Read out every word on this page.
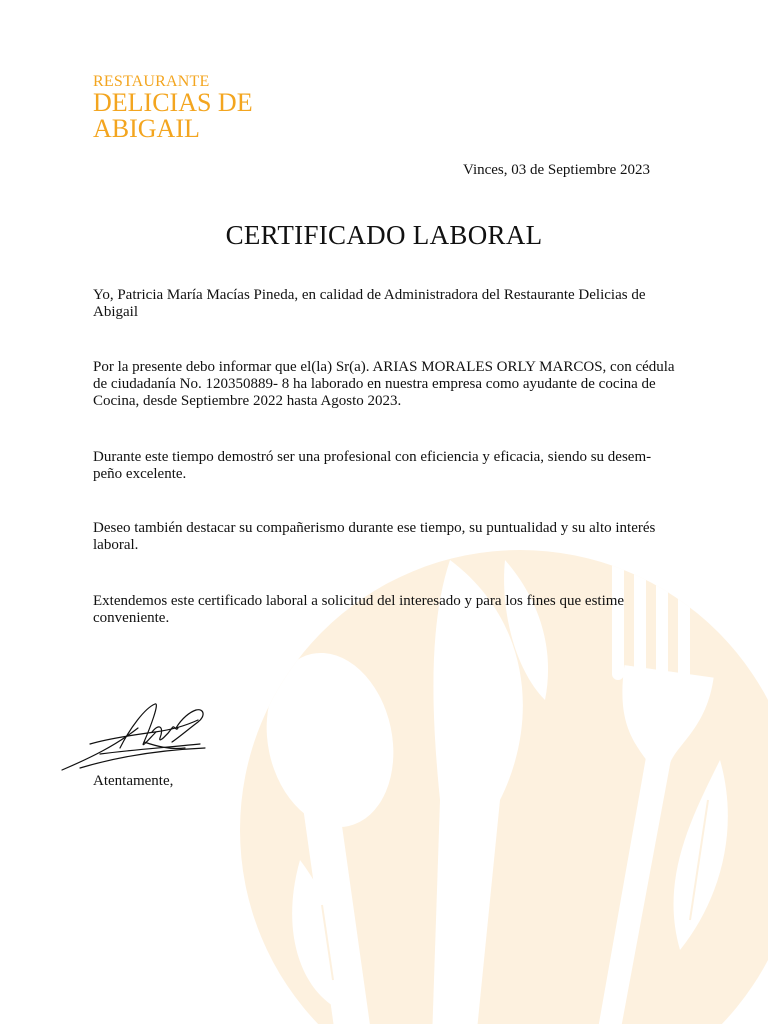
RESTAURANTE
DELICIAS DE
ABIGAIL
Vinces, 03 de Septiembre 2023
CERTIFICADO LABORAL

Yo, Patricia María Macías Pineda, en calidad de Administradora del Restaurante Delicias de Abigail

Por la presente debo informar que el(la) Sr(a). ARIAS MORALES ORLY MARCOS, con cédula de ciudadanía No. 120350889- 8 ha laborado en nuestra empresa como ayudante de cocina de Cocina, desde Septiembre 2022 hasta Agosto 2023.

Durante este tiempo demostró ser una profesional con eficiencia y eficacia, siendo su desem-peño excelente.

Deseo también destacar su compañerismo durante ese tiempo, su puntualidad y su alto interés laboral.

Extendemos este certificado laboral a solicitud del interesado y para los fines que estime conveniente.

Atentamente,
